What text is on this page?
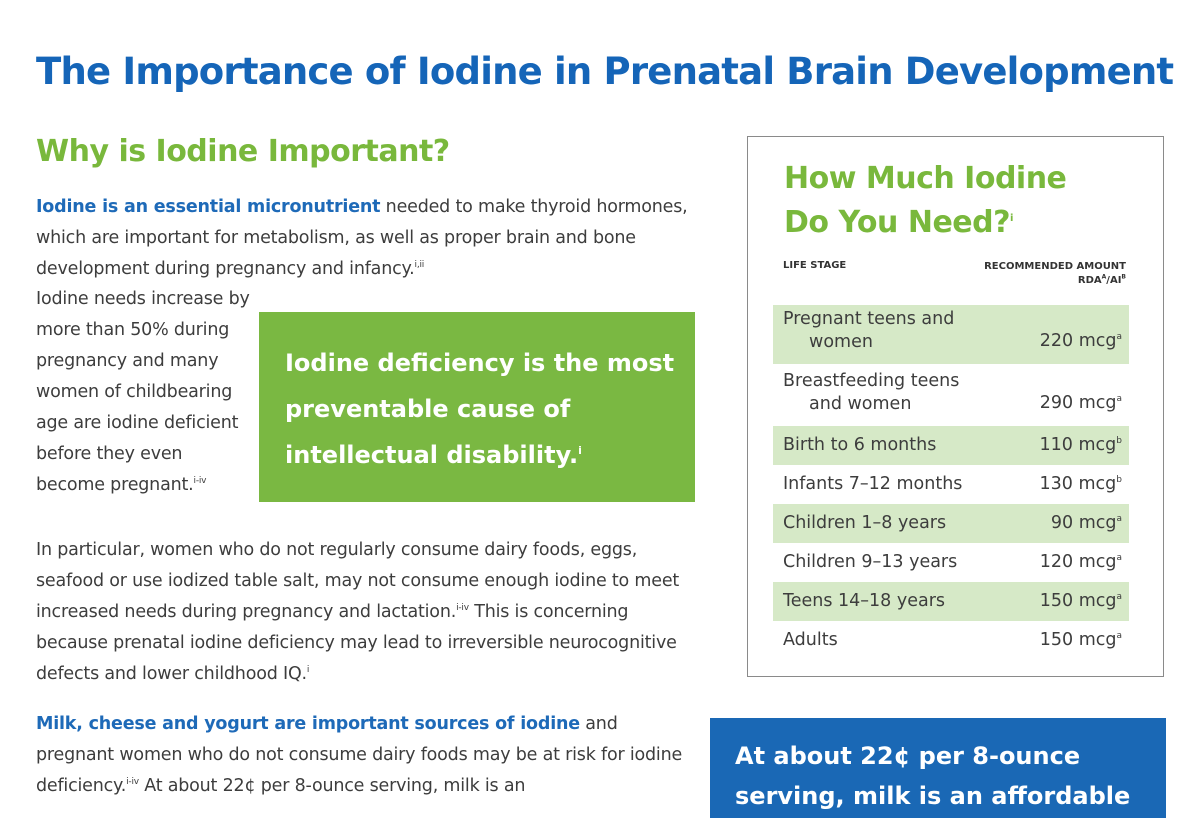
The Importance of Iodine in Prenatal Brain Development
Why is Iodine Important?

Iodine is an essential micronutrient needed to make thyroid hormones, which are important for metabolism, as well as proper brain and bone development during pregnancy and infancy.$^{i,ii}$

Iodine needs increase by more than 50% during pregnancy and many women of childbearing age are iodine deficient before they even become pregnant.$^{i-iv}$

Iodine deficiency is the most preventable cause of intellectual disability.$^i$

In particular, women who do not regularly consume dairy foods, eggs, seafood or use iodized table salt, may not consume enough iodine to meet increased needs during pregnancy and lactation.$^{i-iv}$ This is concerning because prenatal iodine deficiency may lead to irreversible neurocognitive defects and lower childhood IQ.$^i$

Milk, cheese and yogurt are important sources of iodine and pregnant women who do not consume dairy foods may be at risk for iodine deficiency.$^{i-iv}$ At about 22¢ per 8-ounce serving, milk is an

How Much Iodine Do You Need?$^i$
LIFE STAGE	RECOMMENDED AMOUNT
$RDA^A/AI^B$
Pregnant teens and
women	220 mcg$^a$
Breastfeeding teens
and women	290 mcg$^a$
Birth to 6 months	110 mcg$^b$
Infants 7–12 months	130 mcg$^b$
Children 1–8 years	90 mcg$^a$
Children 9–13 years	120 mcg$^a$
Teens 14–18 years	150 mcg$^a$
Adults	150 mcg$^a$

At about 22¢ per 8-ounce serving, milk is an affordable
